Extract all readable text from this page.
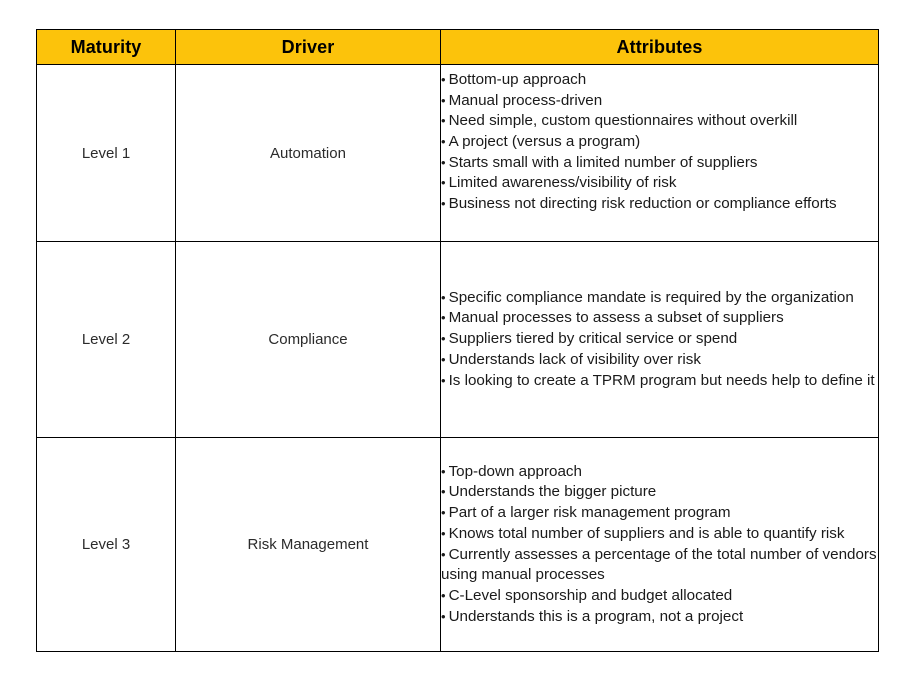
Maturity	Driver	Attributes
Level 1	Automation	
• Bottom-up approach
• Manual process-driven
• Need simple, custom questionnaires without overkill
• A project (versus a program)
• Starts small with a limited number of suppliers
• Limited awareness/visibility of risk
• Business not directing risk reduction or compliance efforts

Level 2	Compliance	• Specific compliance mandate is required by the organization
• Manual processes to assess a subset of suppliers
• Suppliers tiered by critical service or spend
• Understands lack of visibility over risk
• Is looking to create a TPRM program but needs help to define it

Level 3	Risk Management	
• Top-down approach
• Understands the bigger picture
• Part of a larger risk management program
• Knows total number of suppliers and is able to quantify risk
• Currently assesses a percentage of the total number of vendors using manual processes
• C-Level sponsorship and budget allocated
• Understands this is a program, not a project
